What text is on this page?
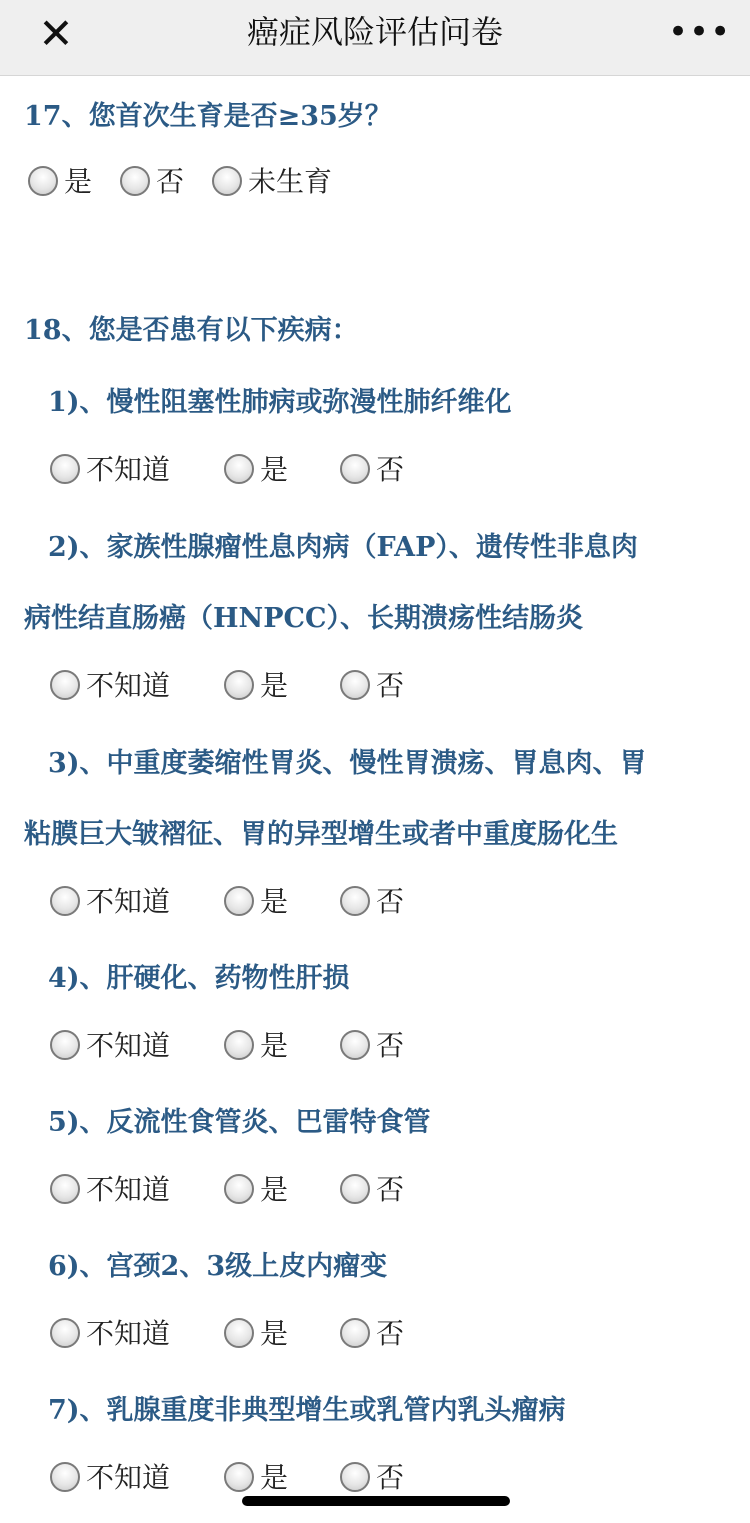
✕	癌症风险评估问卷	•••
17、您首次生育是否≥35岁？
是 否 未生育
18、您是否患有以下疾病：
1)、慢性阻塞性肺病或弥漫性肺纤维化
不知道	是	否
2)、家族性腺瘤性息肉病（FAP）、遗传性非息肉
病性结直肠癌（HNPCC）、长期溃疡性结肠炎
不知道	是	否
3)、中重度萎缩性胃炎、慢性胃溃疡、胃息肉、胃
粘膜巨大皱褶征、胃的异型增生或者中重度肠化生
不知道	是	否
4)、肝硬化、药物性肝损
不知道	是	否
5)、反流性食管炎、巴雷特食管
不知道	是	否
6)、宫颈2、3级上皮内瘤变
不知道	是	否
7)、乳腺重度非典型增生或乳管内乳头瘤病
不知道	是	否
